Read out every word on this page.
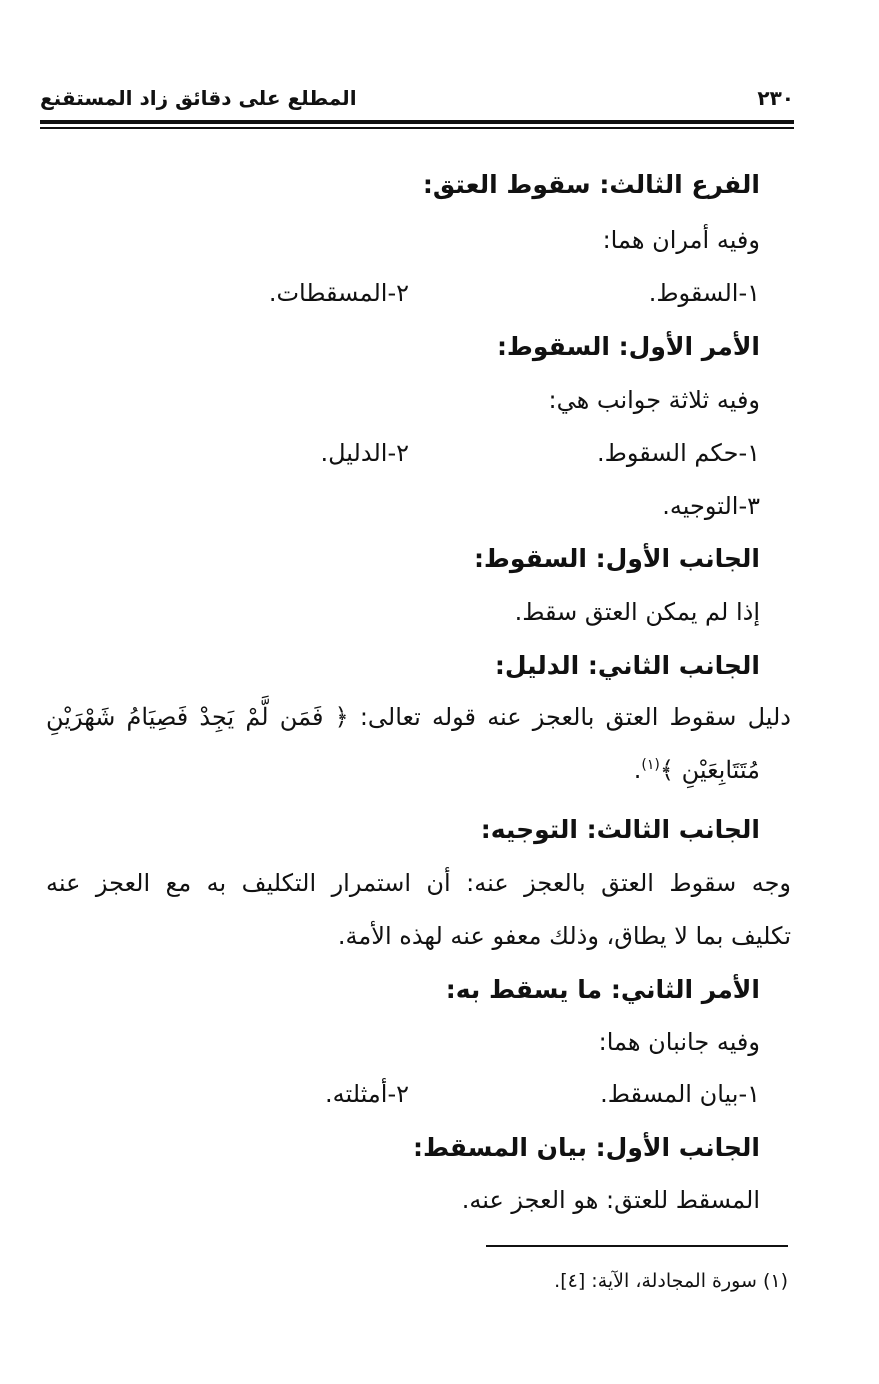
٢٣٠
المطلع على دقائق زاد المستقنع
الفرع الثالث: سقوط العتق:
وفيه أمران هما:
١-السقوط.
٢-المسقطات.
الأمر الأول: السقوط:
وفيه ثلاثة جوانب هي:
١-حكم السقوط.
٢-الدليل.
٣-التوجيه.
الجانب الأول: السقوط:
إذا لم يمكن العتق سقط.
الجانب الثاني: الدليل:
دليل سقوط العتق بالعجز عنه قوله تعالى: ﴿ فَمَن لَّمْ يَجِدْ فَصِيَامُ شَهْرَيْنِ
مُتَتَابِعَيْنِ ﴾$^{(١)}$.
الجانب الثالث: التوجيه:
وجه سقوط العتق بالعجز عنه: أن استمرار التكليف به مع العجز عنه
تكليف بما لا يطاق، وذلك معفو عنه لهذه الأمة.
الأمر الثاني: ما يسقط به:
وفيه جانبان هما:
١-بيان المسقط.
٢-أمثلته.
الجانب الأول: بيان المسقط:
المسقط للعتق: هو العجز عنه.
(١) سورة المجادلة، الآية: [٤].
